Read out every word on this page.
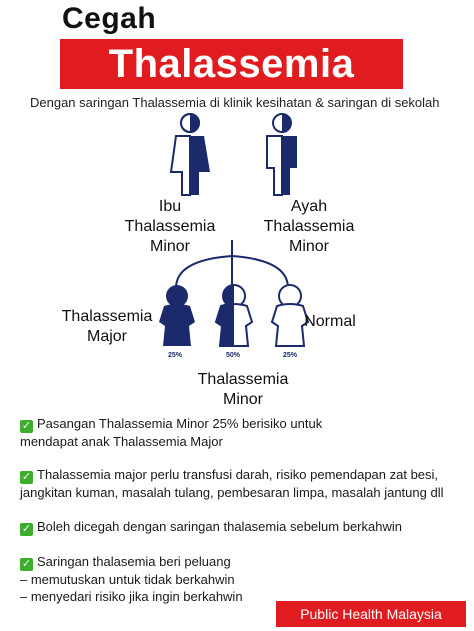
Cegah
Thalassemia
Dengan saringan Thalassemia di klinik kesihatan & saringan di sekolah
Ibu Thalassemia Minor
Ayah Thalassemia Minor
Thalassemia Major
Thalassemia Minor
Normal
25%	50%	25%
✓ Pasangan Thalassemia Minor 25% berisiko untuk
mendapat anak Thalassemia Major
✓ Thalassemia major perlu transfusi darah, risiko pemendapan zat besi,
jangkitan kuman, masalah tulang, pembesaran limpa, masalah jantung dll
✓ Boleh dicegah dengan saringan thalasemia sebelum berkahwin
✓ Saringan thalasemia beri peluang
– memutuskan untuk tidak berkahwin
– menyedari risiko jika ingin berkahwin
Public Health Malaysia
